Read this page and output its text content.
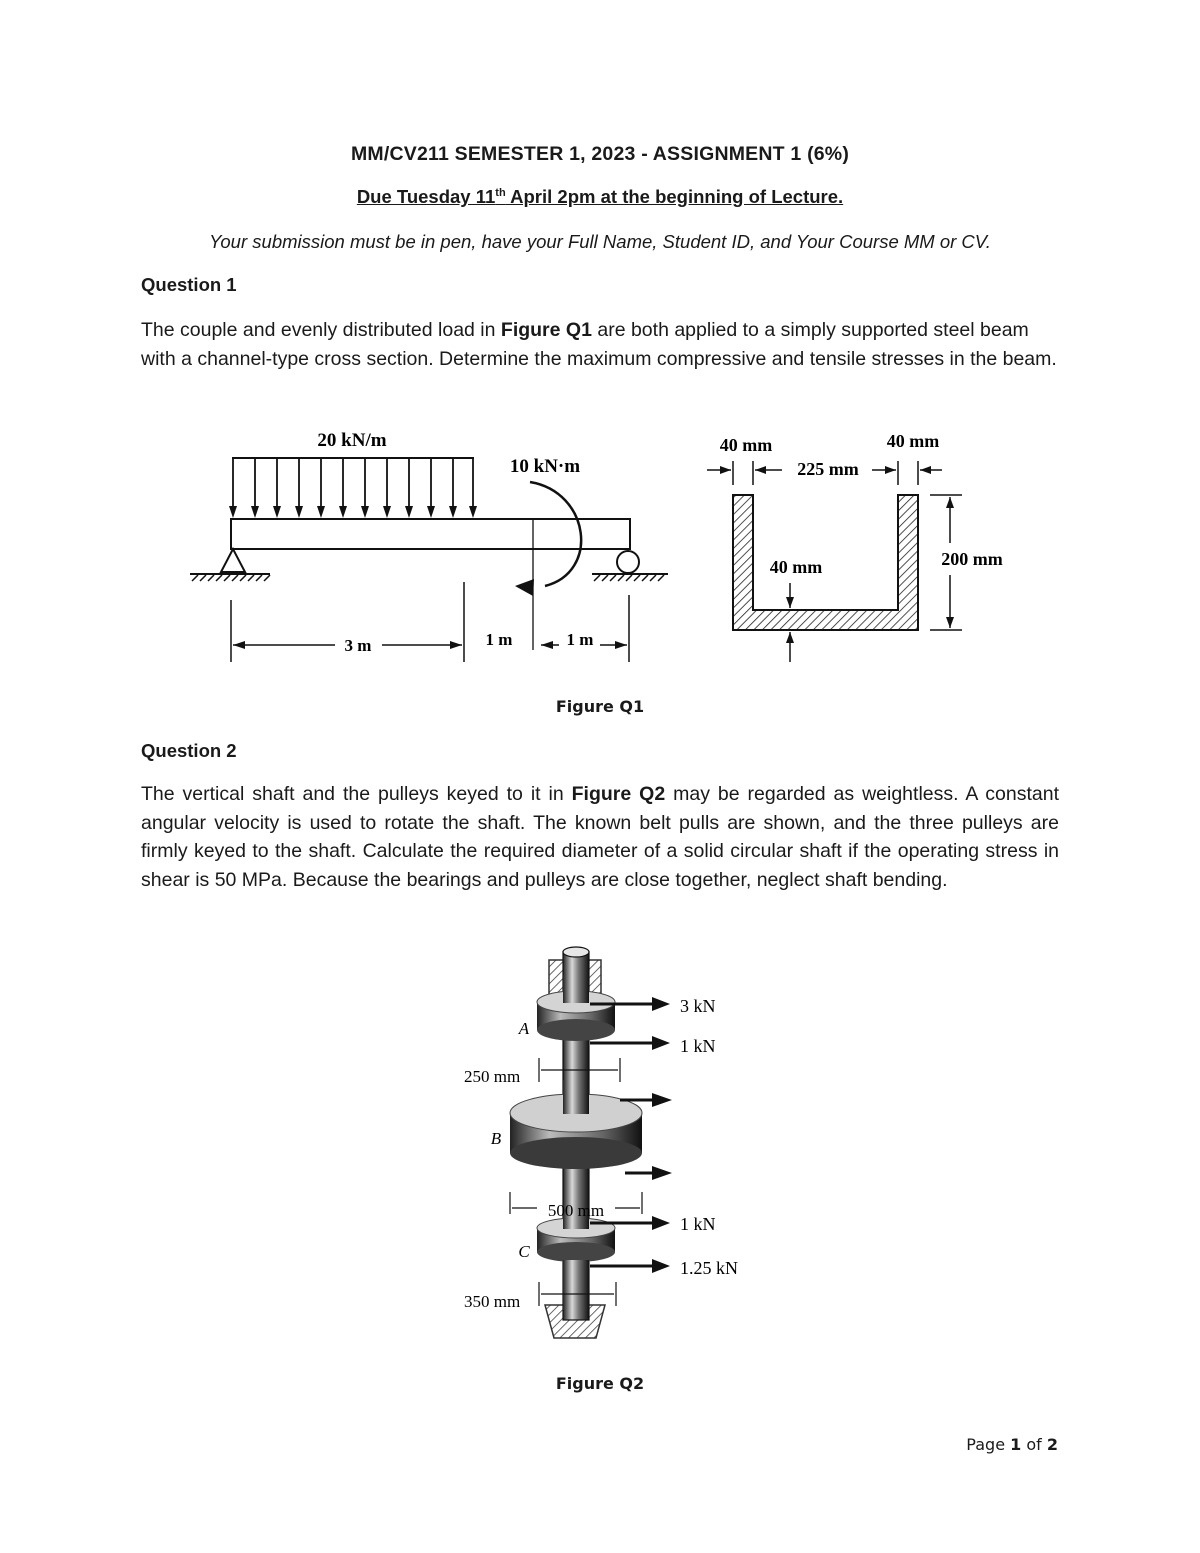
MM/CV211 SEMESTER 1, 2023 - ASSIGNMENT 1 (6%)
Due Tuesday 11th April 2pm at the beginning of Lecture.
Your submission must be in pen, have your Full Name, Student ID, and Your Course MM or CV.
Question 1
The couple and evenly distributed load in Figure Q1 are both applied to a simply supported steel beam with a channel-type cross section. Determine the maximum compressive and tensile stresses in the beam.
20 kN/m
10 kN·m
3 m	1 m	1 m
40 mm	40 mm
225 mm
40 mm	200 mm
Figure Q1
Question 2
The vertical shaft and the pulleys keyed to it in Figure Q2 may be regarded as weightless. A constant angular velocity is used to rotate the shaft. The known belt pulls are shown, and the three pulleys are firmly keyed to the shaft. Calculate the required diameter of a solid circular shaft if the operating stress in shear is 50 MPa. Because the bearings and pulleys are close together, neglect shaft bending.
A
B
C
3 kN
1 kN
1 kN
1.25 kN
250 mm
500 mm
350 mm
Figure Q2
Page 1 of 2
